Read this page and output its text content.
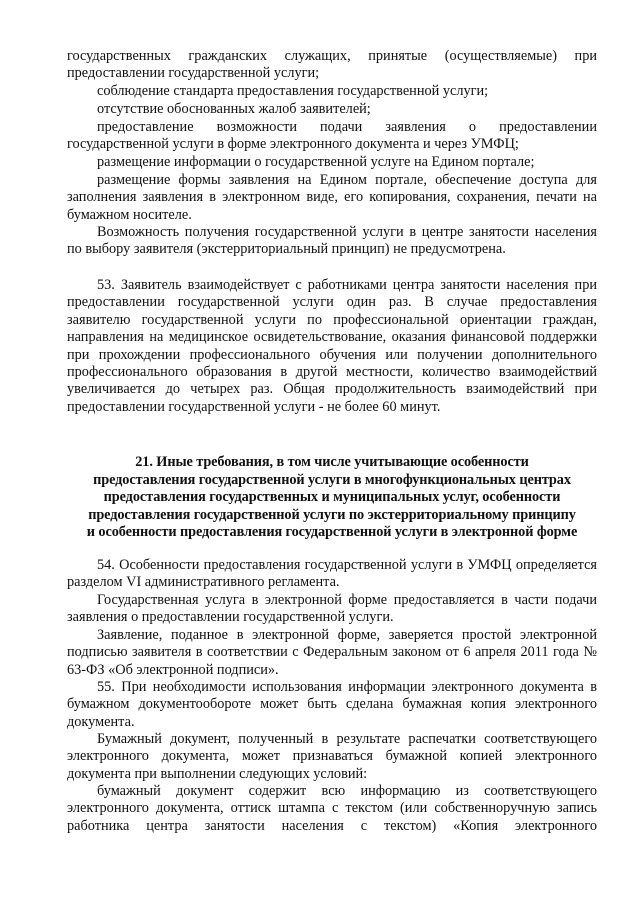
государственных гражданских служащих, принятые (осуществляемые) при предоставлении государственной услуги;

соблюдение стандарта предоставления государственной услуги;

отсутствие обоснованных жалоб заявителей;

предоставление возможности подачи заявления о предоставлении государственной услуги в форме электронного документа и через УМФЦ;

размещение информации о государственной услуге на Едином портале;

размещение формы заявления на Едином портале, обеспечение доступа для заполнения заявления в электронном виде, его копирования, сохранения, печати на бумажном носителе.

Возможность получения государственной услуги в центре занятости населения по выбору заявителя (экстерриториальный принцип) не предусмотрена.

53. Заявитель взаимодействует с работниками центра занятости населения при предоставлении государственной услуги один раз. В случае предоставления заявителю государственной услуги по профессиональной ориентации граждан, направления на медицинское освидетельствование, оказания финансовой поддержки при прохождении профессионального обучения или получении дополнительного профессионального образования в другой местности, количество взаимодействий увеличивается до четырех раз. Общая продолжительность взаимодействий при предоставлении государственной услуги - не более 60 минут.

21. Иные требования, в том числе учитывающие особенности
предоставления государственной услуги в многофункциональных центрах
предоставления государственных и муниципальных услуг, особенности
предоставления государственной услуги по экстерриториальному принципу
и особенности предоставления государственной услуги в электронной форме

54. Особенности предоставления государственной услуги в УМФЦ определяется разделом VI административного регламента.

Государственная услуга в электронной форме предоставляется в части подачи заявления о предоставлении государственной услуги.

Заявление, поданное в электронной форме, заверяется простой электронной подписью заявителя в соответствии с Федеральным законом от 6 апреля 2011 года № 63-ФЗ «Об электронной подписи».

55. При необходимости использования информации электронного документа в бумажном документообороте может быть сделана бумажная копия электронного документа.

Бумажный документ, полученный в результате распечатки соответствующего электронного документа, может признаваться бумажной копией электронного документа при выполнении следующих условий:

бумажный документ содержит всю информацию из соответствующего электронного документа, оттиск штампа с текстом (или собственноручную запись работника центра занятости населения с текстом) «Копия электронного
